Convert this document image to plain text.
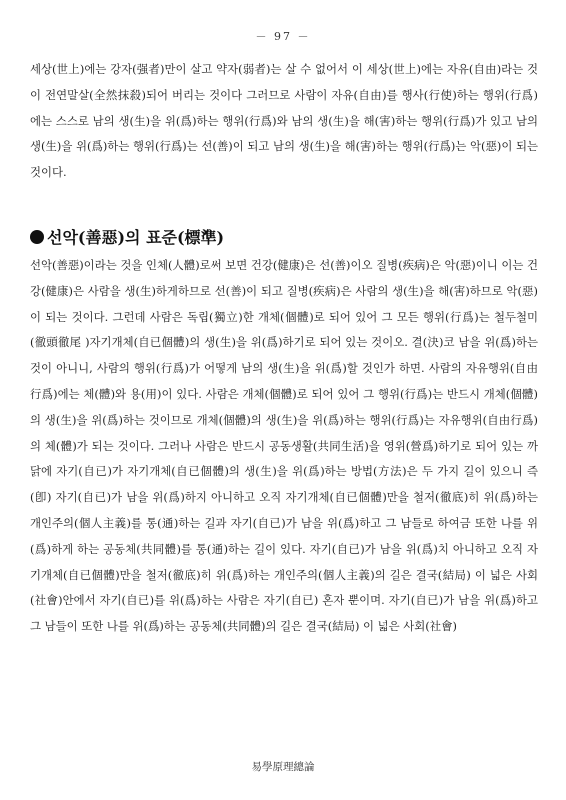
－ 97 －

세상(世上)에는 강자(强者)만이 살고 약자(弱者)는 살 수 없어서 이 세상(世上)에는 자유(自由)라는 것이 전연말살(全然抹殺)되어 버리는 것이다 그러므로 사람이 자유(自由)를 행사(行使)하는 행위(行爲)에는 스스로 남의 생(生)을 위(爲)하는 행위(行爲)와 남의 생(生)을 해(害)하는 행위(行爲)가 있고 남의 생(生)을 위(爲)하는 행위(行爲)는 선(善)이 되고 남의 생(生)을 해(害)하는 행위(行爲)는 악(惡)이 되는 것이다.

선악(善惡)의 표준(標準)

선악(善惡)이라는 것을 인체(人體)로써 보면 건강(健康)은 선(善)이오 질병(疾病)은 악(惡)이니 이는 건강(健康)은 사람을 생(生)하게하므로 선(善)이 되고 질병(疾病)은 사람의 생(生)을 해(害)하므로 악(惡)이 되는 것이다. 그런데 사람은 독립(獨立)한 개체(個體)로 되어 있어 그 모든 행위(行爲)는 철두철미(徹頭徹尾 )자기개체(自已個體)의 생(生)을 위(爲)하기로 되어 있는 것이오. 결(決)코 남을 위(爲)하는 것이 아니니, 사람의 행위(行爲)가 어떻게 남의 생(生)을 위(爲)할 것인가 하면. 사람의 자유행위(自由行爲)에는 체(體)와 용(用)이 있다. 사람은 개체(個體)로 되어 있어 그 행위(行爲)는 반드시 개체(個體)의 생(生)을 위(爲)하는 것이므로 개체(個體)의 생(生)을 위(爲)하는 행위(行爲)는 자유행위(自由行爲)의 체(體)가 되는 것이다. 그러나 사람은 반드시 공동생활(共同生活)을 영위(營爲)하기로 되어 있는 까닭에 자기(自已)가 자기개체(自已個體)의 생(生)을 위(爲)하는 방법(方法)은 두 가지 길이 있으니 즉(卽) 자기(自已)가 남을 위(爲)하지 아니하고 오직 자기개체(自已個體)만을 철저(徹底)히 위(爲)하는 개인주의(個人主義)를 통(通)하는 길과 자기(自已)가 남을 위(爲)하고 그 남들로 하여금 또한 나를 위(爲)하게 하는 공동체(共同體)를 통(通)하는 길이 있다. 자기(自已)가 남을 위(爲)치 아니하고 오직 자기개체(自已個體)만을 철저(徹底)히 위(爲)하는 개인주의(個人主義)의 길은 결국(結局) 이 넓은 사회(社會)안에서 자기(自已)를 위(爲)하는 사람은 자기(自已) 혼자 뿐이며. 자기(自已)가 남을 위(爲)하고 그 남들이 또한 나를 위(爲)하는 공동체(共同體)의 길은 결국(結局) 이 넓은 사회(社會)

易學原理總論
